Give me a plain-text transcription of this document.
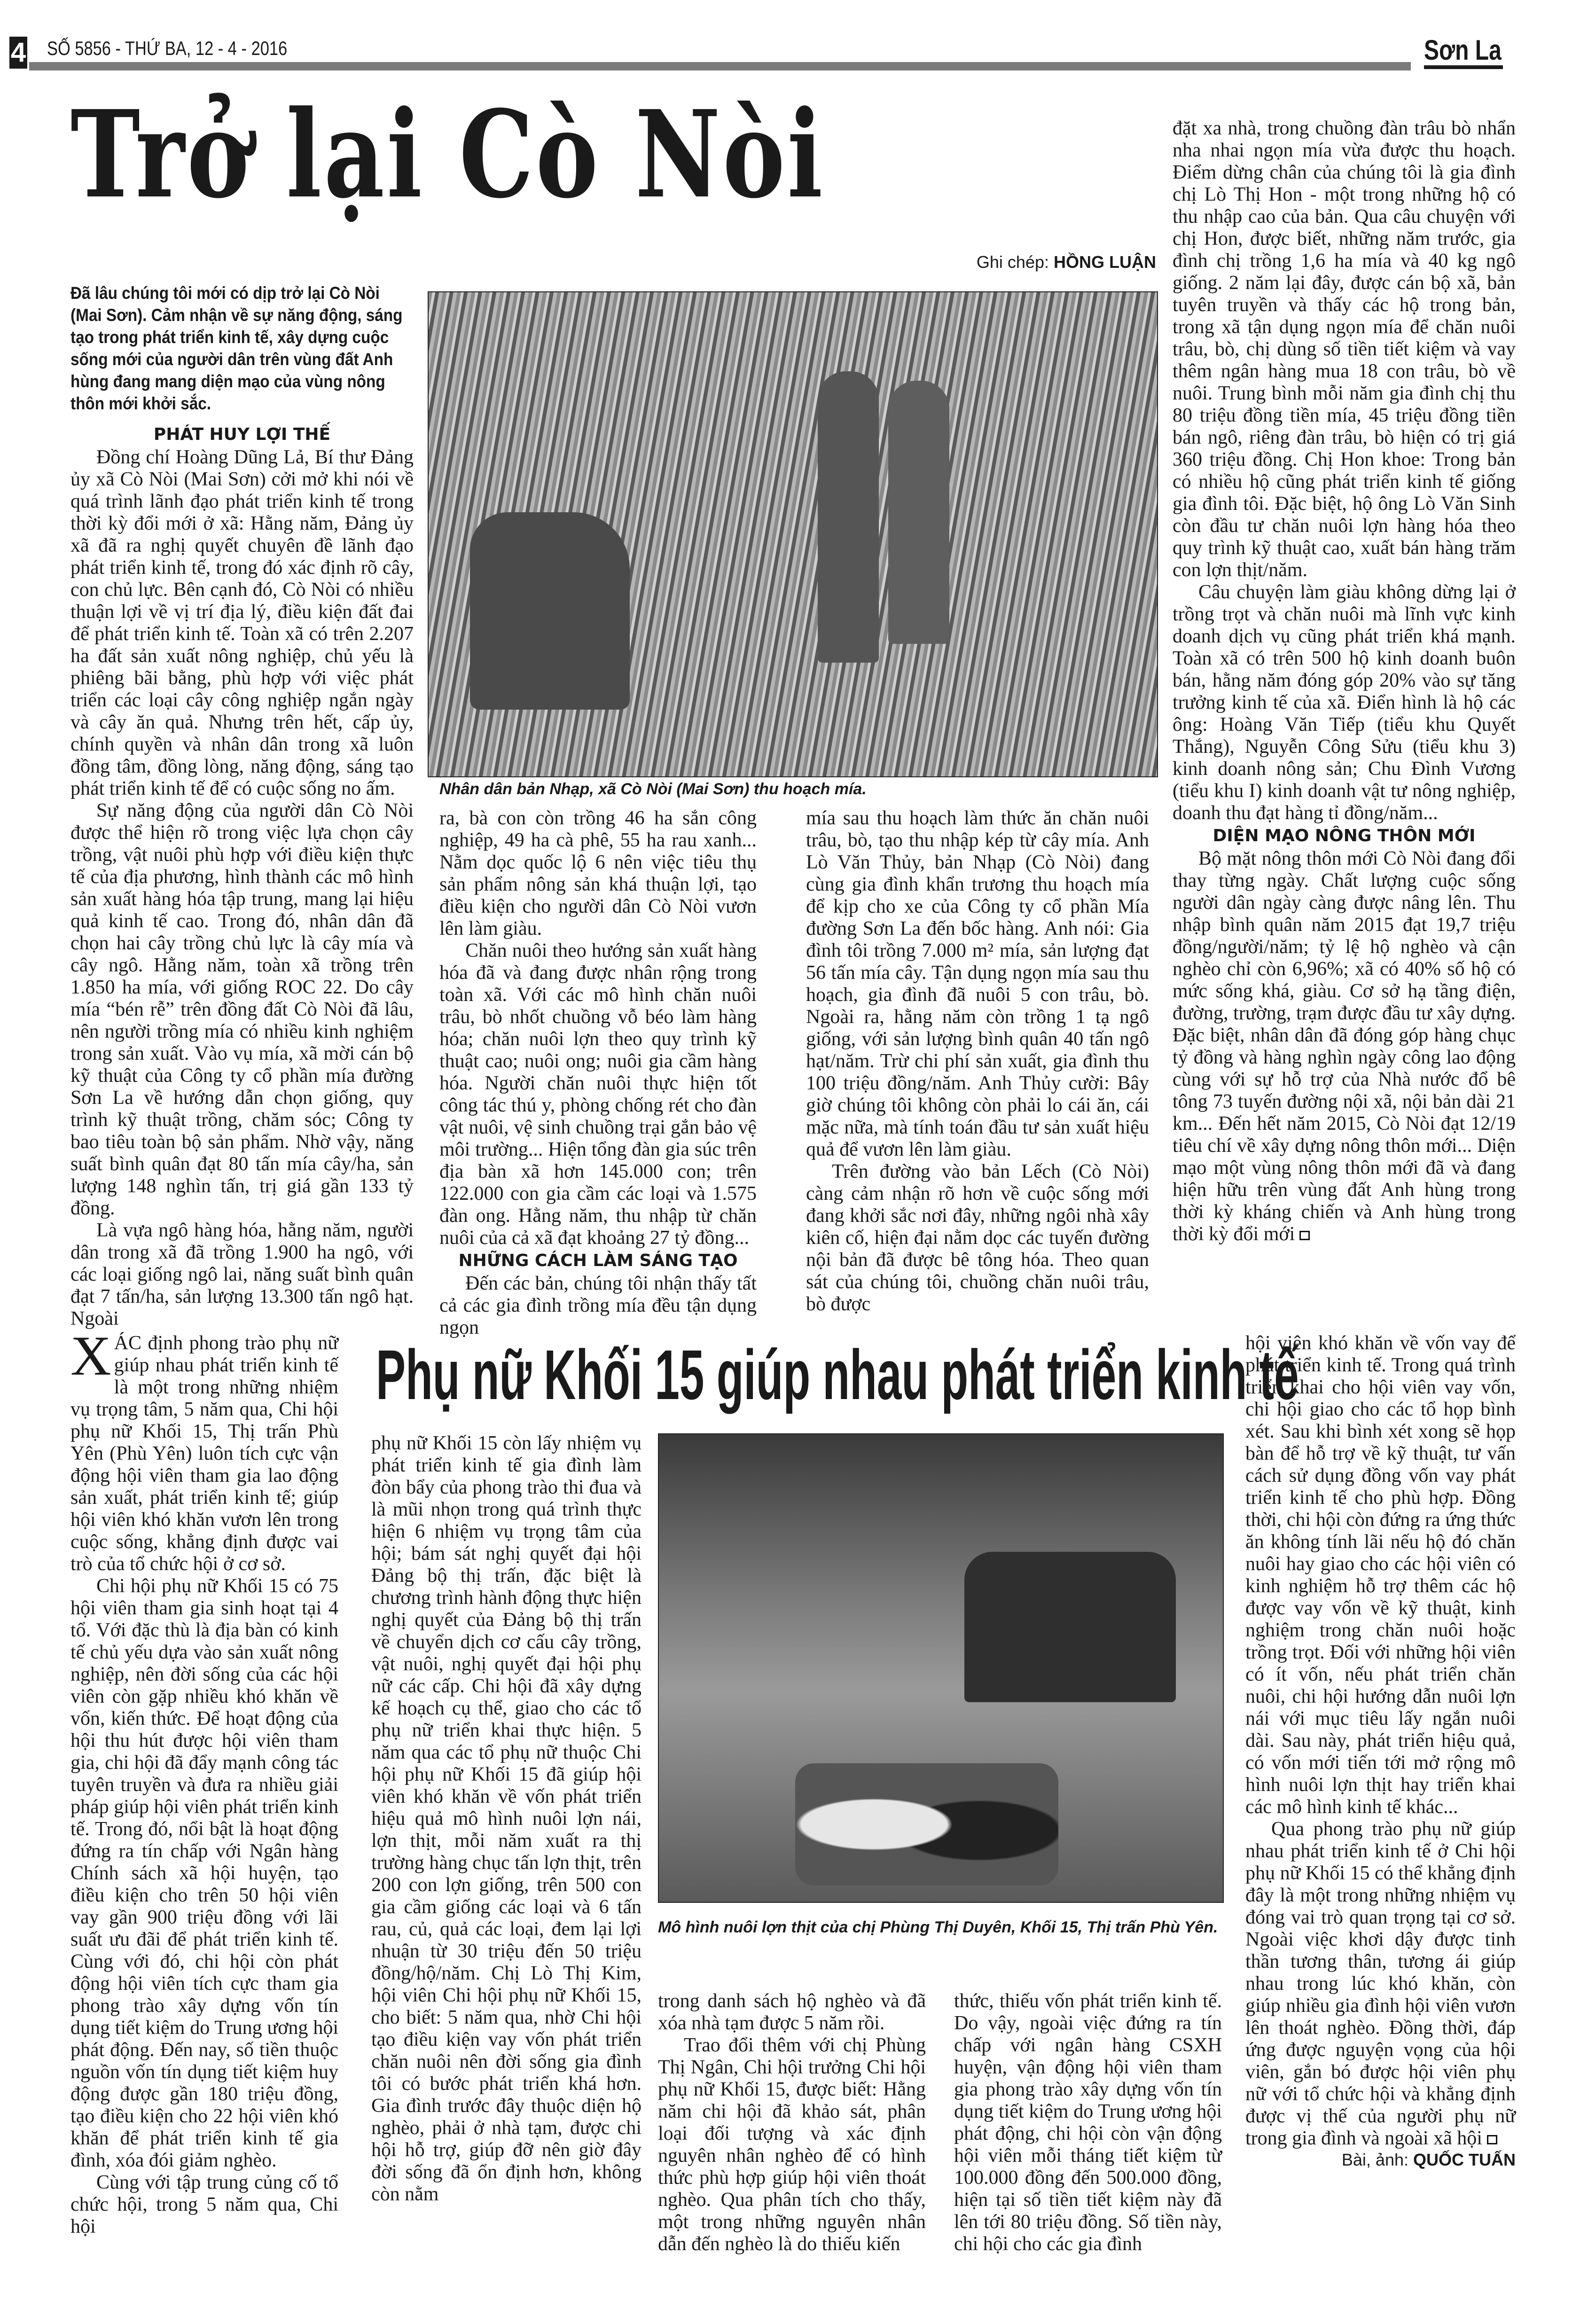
4 SỐ 5856 - THỨ BA, 12 - 4 - 2016	Sơn La
Trở lại Cò Nòi
Ghi chép: HỒNG LUẬN
Nhân dân bản Nhạp, xã Cò Nòi (Mai Sơn) thu hoạch mía.
Đã lâu chúng tôi mới có dịp trở lại Cò Nòi (Mai Sơn). Cảm nhận về sự năng động, sáng tạo trong phát triển kinh tế, xây dựng cuộc sống mới của người dân trên vùng đất Anh hùng đang mang diện mạo của vùng nông thôn mới khởi sắc.
PHÁT HUY LỢI THẾ

Đồng chí Hoàng Dũng Lả, Bí thư Đảng ủy xã Cò Nòi (Mai Sơn) cởi mở khi nói về quá trình lãnh đạo phát triển kinh tế trong thời kỳ đổi mới ở xã: Hằng năm, Đảng ủy xã đã ra nghị quyết chuyên đề lãnh đạo phát triển kinh tế, trong đó xác định rõ cây, con chủ lực. Bên cạnh đó, Cò Nòi có nhiều thuận lợi về vị trí địa lý, điều kiện đất đai để phát triển kinh tế. Toàn xã có trên 2.207 ha đất sản xuất nông nghiệp, chủ yếu là phiêng bãi bằng, phù hợp với việc phát triển các loại cây công nghiệp ngắn ngày và cây ăn quả. Nhưng trên hết, cấp ủy, chính quyền và nhân dân trong xã luôn đồng tâm, đồng lòng, năng động, sáng tạo phát triển kinh tế để có cuộc sống no ấm.

Sự năng động của người dân Cò Nòi được thể hiện rõ trong việc lựa chọn cây trồng, vật nuôi phù hợp với điều kiện thực tế của địa phương, hình thành các mô hình sản xuất hàng hóa tập trung, mang lại hiệu quả kinh tế cao. Trong đó, nhân dân đã chọn hai cây trồng chủ lực là cây mía và cây ngô. Hằng năm, toàn xã trồng trên 1.850 ha mía, với giống ROC 22. Do cây mía “bén rễ” trên đồng đất Cò Nòi đã lâu, nên người trồng mía có nhiều kinh nghiệm trong sản xuất. Vào vụ mía, xã mời cán bộ kỹ thuật của Công ty cổ phần mía đường Sơn La về hướng dẫn chọn giống, quy trình kỹ thuật trồng, chăm sóc; Công ty bao tiêu toàn bộ sản phẩm. Nhờ vậy, năng suất bình quân đạt 80 tấn mía cây/ha, sản lượng 148 nghìn tấn, trị giá gần 133 tỷ đồng.

Là vựa ngô hàng hóa, hằng năm, người dân trong xã đã trồng 1.900 ha ngô, với các loại giống ngô lai, năng suất bình quân đạt 7 tấn/ha, sản lượng 13.300 tấn ngô hạt. Ngoài

ra, bà con còn trồng 46 ha sắn công nghiệp, 49 ha cà phê, 55 ha rau xanh... Nằm dọc quốc lộ 6 nên việc tiêu thụ sản phẩm nông sản khá thuận lợi, tạo điều kiện cho người dân Cò Nòi vươn lên làm giàu.

Chăn nuôi theo hướng sản xuất hàng hóa đã và đang được nhân rộng trong toàn xã. Với các mô hình chăn nuôi trâu, bò nhốt chuồng vỗ béo làm hàng hóa; chăn nuôi lợn theo quy trình kỹ thuật cao; nuôi ong; nuôi gia cầm hàng hóa. Người chăn nuôi thực hiện tốt công tác thú y, phòng chống rét cho đàn vật nuôi, vệ sinh chuồng trại gắn bảo vệ môi trường... Hiện tổng đàn gia súc trên địa bàn xã hơn 145.000 con; trên 122.000 con gia cầm các loại và 1.575 đàn ong. Hằng năm, thu nhập từ chăn nuôi của cả xã đạt khoảng 27 tỷ đồng...

NHỮNG CÁCH LÀM SÁNG TẠO

Đến các bản, chúng tôi nhận thấy tất cả các gia đình trồng mía đều tận dụng ngọn

mía sau thu hoạch làm thức ăn chăn nuôi trâu, bò, tạo thu nhập kép từ cây mía. Anh Lò Văn Thủy, bản Nhạp (Cò Nòi) đang cùng gia đình khẩn trương thu hoạch mía để kịp cho xe của Công ty cổ phần Mía đường Sơn La đến bốc hàng. Anh nói: Gia đình tôi trồng 7.000 m² mía, sản lượng đạt 56 tấn mía cây. Tận dụng ngọn mía sau thu hoạch, gia đình đã nuôi 5 con trâu, bò. Ngoài ra, hằng năm còn trồng 1 tạ ngô giống, với sản lượng bình quân 40 tấn ngô hạt/năm. Trừ chi phí sản xuất, gia đình thu 100 triệu đồng/năm. Anh Thủy cười: Bây giờ chúng tôi không còn phải lo cái ăn, cái mặc nữa, mà tính toán đầu tư sản xuất hiệu quả để vươn lên làm giàu.

Trên đường vào bản Lếch (Cò Nòi) càng cảm nhận rõ hơn về cuộc sống mới đang khởi sắc nơi đây, những ngôi nhà xây kiên cố, hiện đại nằm dọc các tuyến đường nội bản đã được bê tông hóa. Theo quan sát của chúng tôi, chuồng chăn nuôi trâu, bò được

đặt xa nhà, trong chuồng đàn trâu bò nhẩn nha nhai ngọn mía vừa được thu hoạch. Điểm dừng chân của chúng tôi là gia đình chị Lò Thị Hon - một trong những hộ có thu nhập cao của bản. Qua câu chuyện với chị Hon, được biết, những năm trước, gia đình chị trồng 1,6 ha mía và 40 kg ngô giống. 2 năm lại đây, được cán bộ xã, bản tuyên truyền và thấy các hộ trong bản, trong xã tận dụng ngọn mía để chăn nuôi trâu, bò, chị dùng số tiền tiết kiệm và vay thêm ngân hàng mua 18 con trâu, bò về nuôi. Trung bình mỗi năm gia đình chị thu 80 triệu đồng tiền mía, 45 triệu đồng tiền bán ngô, riêng đàn trâu, bò hiện có trị giá 360 triệu đồng. Chị Hon khoe: Trong bản có nhiều hộ cũng phát triển kinh tế giống gia đình tôi. Đặc biệt, hộ ông Lò Văn Sinh còn đầu tư chăn nuôi lợn hàng hóa theo quy trình kỹ thuật cao, xuất bán hàng trăm con lợn thịt/năm.

Câu chuyện làm giàu không dừng lại ở trồng trọt và chăn nuôi mà lĩnh vực kinh doanh dịch vụ cũng phát triển khá mạnh. Toàn xã có trên 500 hộ kinh doanh buôn bán, hằng năm đóng góp 20% vào sự tăng trưởng kinh tế của xã. Điển hình là hộ các ông: Hoàng Văn Tiếp (tiểu khu Quyết Thắng), Nguyễn Công Sửu (tiểu khu 3) kinh doanh nông sản; Chu Đình Vương (tiểu khu I) kinh doanh vật tư nông nghiệp, doanh thu đạt hàng tỉ đồng/năm...

DIỆN MẠO NÔNG THÔN MỚI

Bộ mặt nông thôn mới Cò Nòi đang đổi thay từng ngày. Chất lượng cuộc sống người dân ngày càng được nâng lên. Thu nhập bình quân năm 2015 đạt 19,7 triệu đồng/người/năm; tỷ lệ hộ nghèo và cận nghèo chỉ còn 6,96%; xã có 40% số hộ có mức sống khá, giàu. Cơ sở hạ tầng điện, đường, trường, trạm được đầu tư xây dựng. Đặc biệt, nhân dân đã đóng góp hàng chục tỷ đồng và hàng nghìn ngày công lao động cùng với sự hỗ trợ của Nhà nước đổ bê tông 73 tuyến đường nội xã, nội bản dài 21 km... Đến hết năm 2015, Cò Nòi đạt 12/19 tiêu chí về xây dựng nông thôn mới... Diện mạo một vùng nông thôn mới đã và đang hiện hữu trên vùng đất Anh hùng trong thời kỳ kháng chiến và Anh hùng trong thời kỳ đổi mới

XÁC định phong trào phụ nữ giúp nhau phát triển kinh tế là một trong những nhiệm vụ trọng tâm, 5 năm qua, Chi hội phụ nữ Khối 15, Thị trấn Phù Yên (Phù Yên) luôn tích cực vận động hội viên tham gia lao động sản xuất, phát triển kinh tế; giúp hội viên khó khăn vươn lên trong cuộc sống, khẳng định được vai trò của tổ chức hội ở cơ sở.

Chi hội phụ nữ Khối 15 có 75 hội viên tham gia sinh hoạt tại 4 tổ. Với đặc thù là địa bàn có kinh tế chủ yếu dựa vào sản xuất nông nghiệp, nên đời sống của các hội viên còn gặp nhiều khó khăn về vốn, kiến thức. Để hoạt động của hội thu hút được hội viên tham gia, chi hội đã đẩy mạnh công tác tuyên truyền và đưa ra nhiều giải pháp giúp hội viên phát triển kinh tế. Trong đó, nổi bật là hoạt động đứng ra tín chấp với Ngân hàng Chính sách xã hội huyện, tạo điều kiện cho trên 50 hội viên vay gần 900 triệu đồng với lãi suất ưu đãi để phát triển kinh tế. Cùng với đó, chi hội còn phát động hội viên tích cực tham gia phong trào xây dựng vốn tín dụng tiết kiệm do Trung ương hội phát động. Đến nay, số tiền thuộc nguồn vốn tín dụng tiết kiệm huy động được gần 180 triệu đồng, tạo điều kiện cho 22 hội viên khó khăn để phát triển kinh tế gia đình, xóa đói giảm nghèo.

Cùng với tập trung củng cố tổ chức hội, trong 5 năm qua, Chi hội

Phụ nữ Khối 15 giúp nhau phát triển kinh tế

phụ nữ Khối 15 còn lấy nhiệm vụ phát triển kinh tế gia đình làm đòn bẩy của phong trào thi đua và là mũi nhọn trong quá trình thực hiện 6 nhiệm vụ trọng tâm của hội; bám sát nghị quyết đại hội Đảng bộ thị trấn, đặc biệt là chương trình hành động thực hiện nghị quyết của Đảng bộ thị trấn về chuyển dịch cơ cấu cây trồng, vật nuôi, nghị quyết đại hội phụ nữ các cấp. Chi hội đã xây dựng kế hoạch cụ thể, giao cho các tổ phụ nữ triển khai thực hiện. 5 năm qua các tổ phụ nữ thuộc Chi hội phụ nữ Khối 15 đã giúp hội viên khó khăn về vốn phát triển hiệu quả mô hình nuôi lợn nái, lợn thịt, mỗi năm xuất ra thị trường hàng chục tấn lợn thịt, trên 200 con lợn giống, trên 500 con gia cầm giống các loại và 6 tấn rau, củ, quả các loại, đem lại lợi nhuận từ 30 triệu đến 50 triệu đồng/hộ/năm. Chị Lò Thị Kim, hội viên Chi hội phụ nữ Khối 15, cho biết: 5 năm qua, nhờ Chi hội tạo điều kiện vay vốn phát triển chăn nuôi nên đời sống gia đình tôi có bước phát triển khá hơn. Gia đình trước đây thuộc diện hộ nghèo, phải ở nhà tạm, được chi hội hỗ trợ, giúp đỡ nên giờ đây đời sống đã ổn định hơn, không còn nằm

Mô hình nuôi lợn thịt của chị Phùng Thị Duyên, Khối 15, Thị trấn Phù Yên.

trong danh sách hộ nghèo và đã xóa nhà tạm được 5 năm rồi.

Trao đổi thêm với chị Phùng Thị Ngân, Chi hội trưởng Chi hội phụ nữ Khối 15, được biết: Hằng năm chi hội đã khảo sát, phân loại đối tượng và xác định nguyên nhân nghèo để có hình thức phù hợp giúp hội viên thoát nghèo. Qua phân tích cho thấy, một trong những nguyên nhân dẫn đến nghèo là do thiếu kiến

thức, thiếu vốn phát triển kinh tế. Do vậy, ngoài việc đứng ra tín chấp với ngân hàng CSXH huyện, vận động hội viên tham gia phong trào xây dựng vốn tín dụng tiết kiệm do Trung ương hội phát động, chi hội còn vận động hội viên mỗi tháng tiết kiệm từ 100.000 đồng đến 500.000 đồng, hiện tại số tiền tiết kiệm này đã lên tới 80 triệu đồng. Số tiền này, chi hội cho các gia đình

hội viên khó khăn về vốn vay để phát triển kinh tế. Trong quá trình triển khai cho hội viên vay vốn, chi hội giao cho các tổ họp bình xét. Sau khi bình xét xong sẽ họp bàn để hỗ trợ về kỹ thuật, tư vấn cách sử dụng đồng vốn vay phát triển kinh tế cho phù hợp. Đồng thời, chi hội còn đứng ra ứng thức ăn không tính lãi nếu hộ đó chăn nuôi hay giao cho các hội viên có kinh nghiệm hỗ trợ thêm các hộ được vay vốn về kỹ thuật, kinh nghiệm trong chăn nuôi hoặc trồng trọt. Đối với những hội viên có ít vốn, nếu phát triển chăn nuôi, chi hội hướng dẫn nuôi lợn nái với mục tiêu lấy ngắn nuôi dài. Sau này, phát triển hiệu quả, có vốn mới tiến tới mở rộng mô hình nuôi lợn thịt hay triển khai các mô hình kinh tế khác...

Qua phong trào phụ nữ giúp nhau phát triển kinh tế ở Chi hội phụ nữ Khối 15 có thể khẳng định đây là một trong những nhiệm vụ đóng vai trò quan trọng tại cơ sở. Ngoài việc khơi dậy được tinh thần tương thân, tương ái giúp nhau trong lúc khó khăn, còn giúp nhiều gia đình hội viên vươn lên thoát nghèo. Đồng thời, đáp ứng được nguyện vọng của hội viên, gắn bó được hội viên phụ nữ với tổ chức hội và khẳng định được vị thế của người phụ nữ trong gia đình và ngoài xã hội

Bài, ảnh: QUỐC TUẤN
